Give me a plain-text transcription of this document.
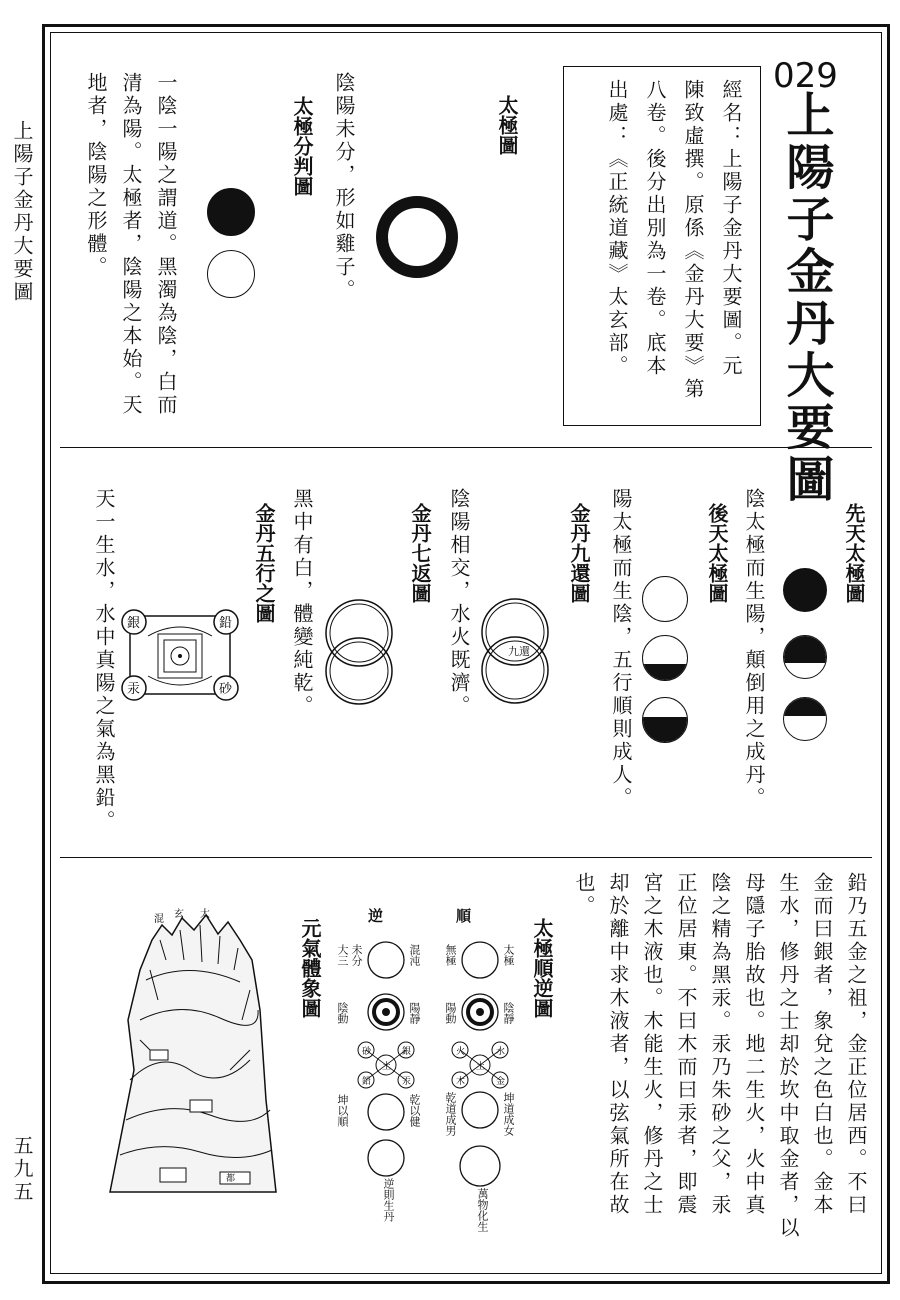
上陽子金丹大要圖
五九五
029
上陽子金丹大要圖
經名：上陽子金丹大要圖。元
陳致虛撰。原係《金丹大要》第
八卷。後分出別為一卷。底本
出處：《正統道藏》太玄部。
太極圖
陰陽未分，形如雞子。
太極分判圖
一陰一陽之謂道。黑濁為陰，白而
清為陽。太極者，陰陽之本始。天
地者，陰陽之形體。
先天太極圖
陰太極而生陽，顛倒用之成丹。
後天太極圖
陽太極而生陰，五行順則成人。
金丹九還圖
九還
陰陽相交，水火既濟。
金丹七返圖
黑中有白，體變純乾。
金丹五行之圖
銀	鉛
汞	砂
天一生水，水中真陽之氣為黑鉛。
鉛乃五金之祖，金正位居西。不曰
金而曰銀者，象兌之色白也。金本
生水，修丹之士却於坎中取金者，以
母隱子胎故也。地二生火，火中真
陰之精為黑汞。汞乃朱砂之父，汞
正位居東。不曰木而曰汞者，即震
宮之木液也。木能生火，修丹之士
却於離中求木液者，以弦氣所在故
也。
太極順逆圖
順
土
火	水
木	金
太極
無極
陰靜
陽動
坤道成女
乾道成男
萬物化生
逆
土
砂	銀
鉛	汞
混沌
未分
大三
陽靜
陰動
乾以健
坤以順
逆則生丹
元氣體象圖
太
玄
混
都
